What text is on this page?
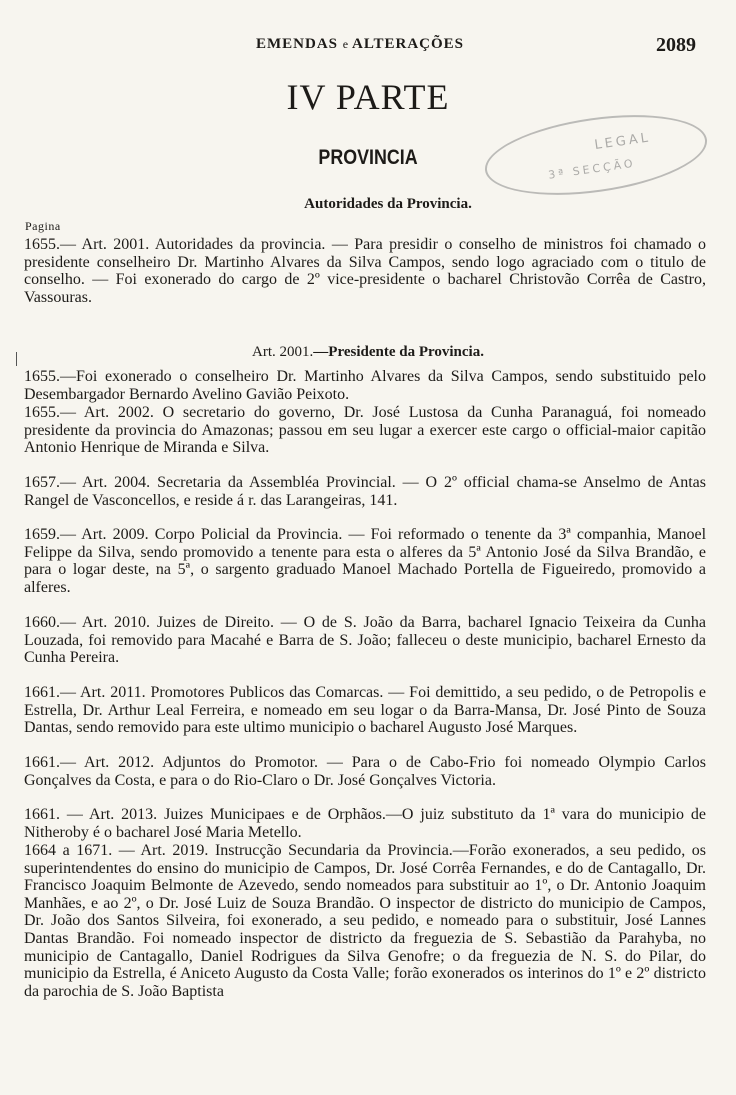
EMENDAS e ALTERAÇÕES	2089
IV PARTE
PROVINCIA
LEGAL
3ª SECÇÃO
Autoridades da Provincia.
Pagina

1655.— Art. 2001. Autoridades da provincia. — Para presidir o conselho de ministros foi chamado o presidente conselheiro Dr. Martinho Alvares da Silva Campos, sendo logo agraciado com o titulo de conselho. — Foi exonerado do cargo de 2º vice-presidente o bacharel Christovão Corrêa de Castro, Vassouras.

Art. 2001.—Presidente da Provincia.

1655.—Foi exonerado o conselheiro Dr. Martinho Alvares da Silva Campos, sendo substituido pelo Desembargador Bernardo Avelino Gavião Peixoto.

1655.— Art. 2002. O secretario do governo, Dr. José Lustosa da Cunha Paranaguá, foi nomeado presidente da provincia do Amazonas; passou em seu lugar a exercer este cargo o official-maior capitão Antonio Henrique de Miranda e Silva.

1657.— Art. 2004. Secretaria da Assembléa Provincial. — O 2º official chama-se Anselmo de Antas Rangel de Vasconcellos, e reside á r. das Larangeiras, 141.

1659.— Art. 2009. Corpo Policial da Provincia. — Foi reformado o tenente da 3ª companhia, Manoel Felippe da Silva, sendo promovido a tenente para esta o alferes da 5ª Antonio José da Silva Brandão, e para o logar deste, na 5ª, o sargento graduado Manoel Machado Portella de Figueiredo, promovido a alferes.

1660.— Art. 2010. Juizes de Direito. — O de S. João da Barra, bacharel Ignacio Teixeira da Cunha Louzada, foi removido para Macahé e Barra de S. João; falleceu o deste municipio, bacharel Ernesto da Cunha Pereira.

1661.— Art. 2011. Promotores Publicos das Comarcas. — Foi demittido, a seu pedido, o de Petropolis e Estrella, Dr. Arthur Leal Ferreira, e nomeado em seu logar o da Barra-Mansa, Dr. José Pinto de Souza Dantas, sendo removido para este ultimo municipio o bacharel Augusto José Marques.

1661.— Art. 2012. Adjuntos do Promotor. — Para o de Cabo-Frio foi nomeado Olympio Carlos Gonçalves da Costa, e para o do Rio-Claro o Dr. José Gonçalves Victoria.

1661. — Art. 2013. Juizes Municipaes e de Orphãos.—O juiz substituto da 1ª vara do municipio de Nitheroby é o bacharel José Maria Metello.

1664 a 1671. — Art. 2019. Instrucção Secundaria da Provincia.—Forão exonerados, a seu pedido, os superintendentes do ensino do municipio de Campos, Dr. José Corrêa Fernandes, e do de Cantagallo, Dr. Francisco Joaquim Belmonte de Azevedo, sendo nomeados para substituir ao 1º, o Dr. Antonio Joaquim Manhães, e ao 2º, o Dr. José Luiz de Souza Brandão. O inspector de districto do municipio de Campos, Dr. João dos Santos Silveira, foi exonerado, a seu pedido, e nomeado para o substituir, José Lannes Dantas Brandão. Foi nomeado inspector de districto da freguezia de S. Sebastião da Parahyba, no municipio de Cantagallo, Daniel Rodrigues da Silva Genofre; o da freguezia de N. S. do Pilar, do municipio da Estrella, é Aniceto Augusto da Costa Valle; forão exonerados os interinos do 1º e 2º districto da parochia de S. João Baptista
